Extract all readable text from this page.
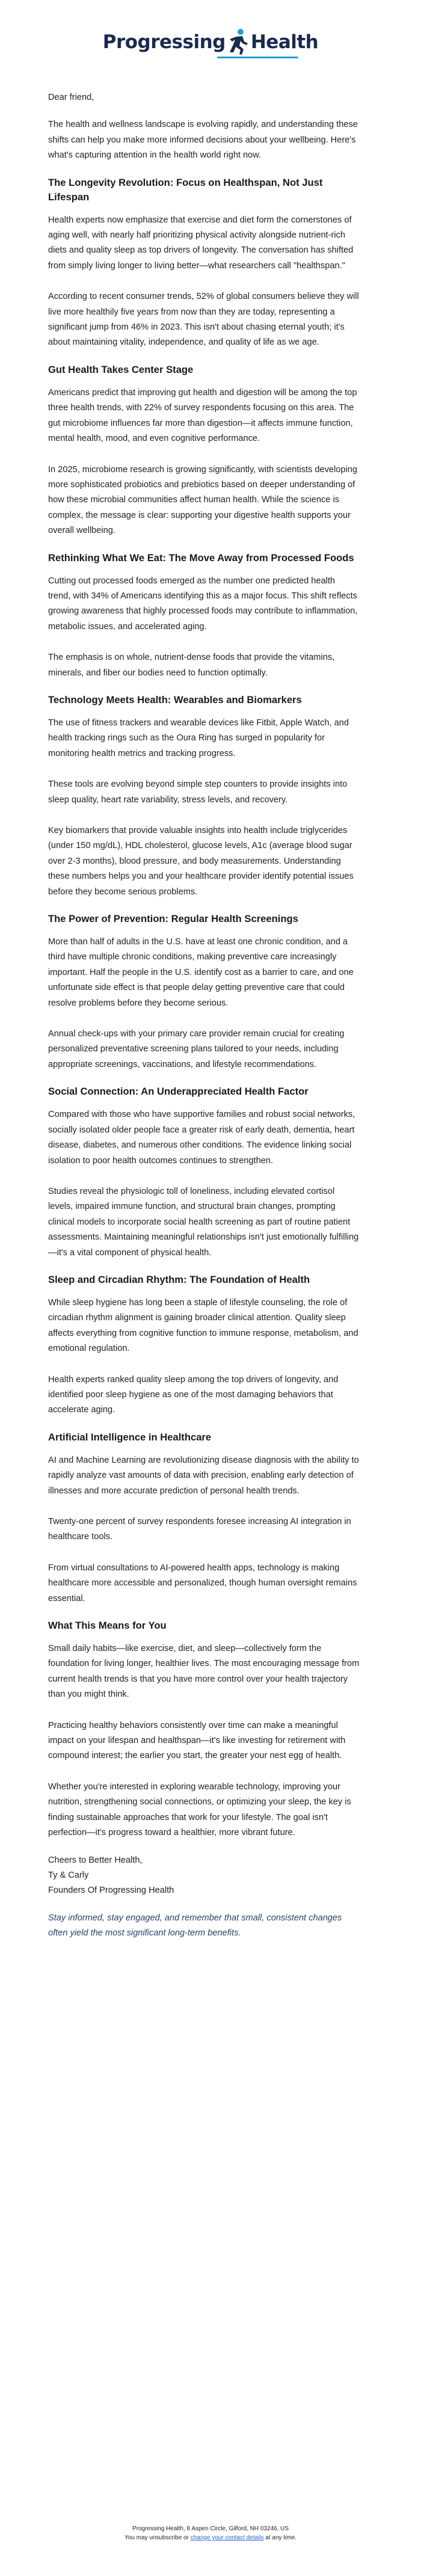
Progressing Health

Dear friend,

The health and wellness landscape is evolving rapidly, and understanding these shifts can help you make more informed decisions about your wellbeing. Here's what's capturing attention in the health world right now.

The Longevity Revolution: Focus on Healthspan, Not Just Lifespan

Health experts now emphasize that exercise and diet form the cornerstones of aging well, with nearly half prioritizing physical activity alongside nutrient-rich diets and quality sleep as top drivers of longevity. The conversation has shifted from simply living longer to living better—what researchers call "healthspan."

According to recent consumer trends, 52% of global consumers believe they will live more healthily five years from now than they are today, representing a significant jump from 46% in 2023. This isn't about chasing eternal youth; it's about maintaining vitality, independence, and quality of life as we age.

Gut Health Takes Center Stage

Americans predict that improving gut health and digestion will be among the top three health trends, with 22% of survey respondents focusing on this area. The gut microbiome influences far more than digestion—it affects immune function, mental health, mood, and even cognitive performance.

In 2025, microbiome research is growing significantly, with scientists developing more sophisticated probiotics and prebiotics based on deeper understanding of how these microbial communities affect human health. While the science is complex, the message is clear: supporting your digestive health supports your overall wellbeing.

Rethinking What We Eat: The Move Away from Processed Foods

Cutting out processed foods emerged as the number one predicted health trend, with 34% of Americans identifying this as a major focus. This shift reflects growing awareness that highly processed foods may contribute to inflammation, metabolic issues, and accelerated aging.

The emphasis is on whole, nutrient-dense foods that provide the vitamins, minerals, and fiber our bodies need to function optimally.

Technology Meets Health: Wearables and Biomarkers

The use of fitness trackers and wearable devices like Fitbit, Apple Watch, and health tracking rings such as the Oura Ring has surged in popularity for monitoring health metrics and tracking progress.

These tools are evolving beyond simple step counters to provide insights into sleep quality, heart rate variability, stress levels, and recovery.

Key biomarkers that provide valuable insights into health include triglycerides (under 150 mg/dL), HDL cholesterol, glucose levels, A1c (average blood sugar over 2-3 months), blood pressure, and body measurements. Understanding these numbers helps you and your healthcare provider identify potential issues before they become serious problems.

The Power of Prevention: Regular Health Screenings

More than half of adults in the U.S. have at least one chronic condition, and a third have multiple chronic conditions, making preventive care increasingly important. Half the people in the U.S. identify cost as a barrier to care, and one unfortunate side effect is that people delay getting preventive care that could resolve problems before they become serious.

Annual check-ups with your primary care provider remain crucial for creating personalized preventative screening plans tailored to your needs, including appropriate screenings, vaccinations, and lifestyle recommendations.

Social Connection: An Underappreciated Health Factor

Compared with those who have supportive families and robust social networks, socially isolated older people face a greater risk of early death, dementia, heart disease, diabetes, and numerous other conditions. The evidence linking social isolation to poor health outcomes continues to strengthen.

Studies reveal the physiologic toll of loneliness, including elevated cortisol levels, impaired immune function, and structural brain changes, prompting clinical models to incorporate social health screening as part of routine patient assessments. Maintaining meaningful relationships isn't just emotionally fulfilling—it's a vital component of physical health.

Sleep and Circadian Rhythm: The Foundation of Health

While sleep hygiene has long been a staple of lifestyle counseling, the role of circadian rhythm alignment is gaining broader clinical attention. Quality sleep affects everything from cognitive function to immune response, metabolism, and emotional regulation.

Health experts ranked quality sleep among the top drivers of longevity, and identified poor sleep hygiene as one of the most damaging behaviors that accelerate aging.

Artificial Intelligence in Healthcare

AI and Machine Learning are revolutionizing disease diagnosis with the ability to rapidly analyze vast amounts of data with precision, enabling early detection of illnesses and more accurate prediction of personal health trends.

Twenty-one percent of survey respondents foresee increasing AI integration in healthcare tools.

From virtual consultations to AI-powered health apps, technology is making healthcare more accessible and personalized, though human oversight remains essential.

What This Means for You

Small daily habits—like exercise, diet, and sleep—collectively form the foundation for living longer, healthier lives. The most encouraging message from current health trends is that you have more control over your health trajectory than you might think.

Practicing healthy behaviors consistently over time can make a meaningful impact on your lifespan and healthspan—it's like investing for retirement with compound interest; the earlier you start, the greater your nest egg of health.

Whether you're interested in exploring wearable technology, improving your nutrition, strengthening social connections, or optimizing your sleep, the key is finding sustainable approaches that work for your lifestyle. The goal isn't perfection—it's progress toward a healthier, more vibrant future.

Cheers to Better Health,

Ty & Carly

Founders Of Progressing Health

Stay informed, stay engaged, and remember that small, consistent changes often yield the most significant long-term benefits.

Progressing Health, 8 Aspen Circle, Gilford, NH 03246, US
You may unsubscribe or change your contact details at any time.
